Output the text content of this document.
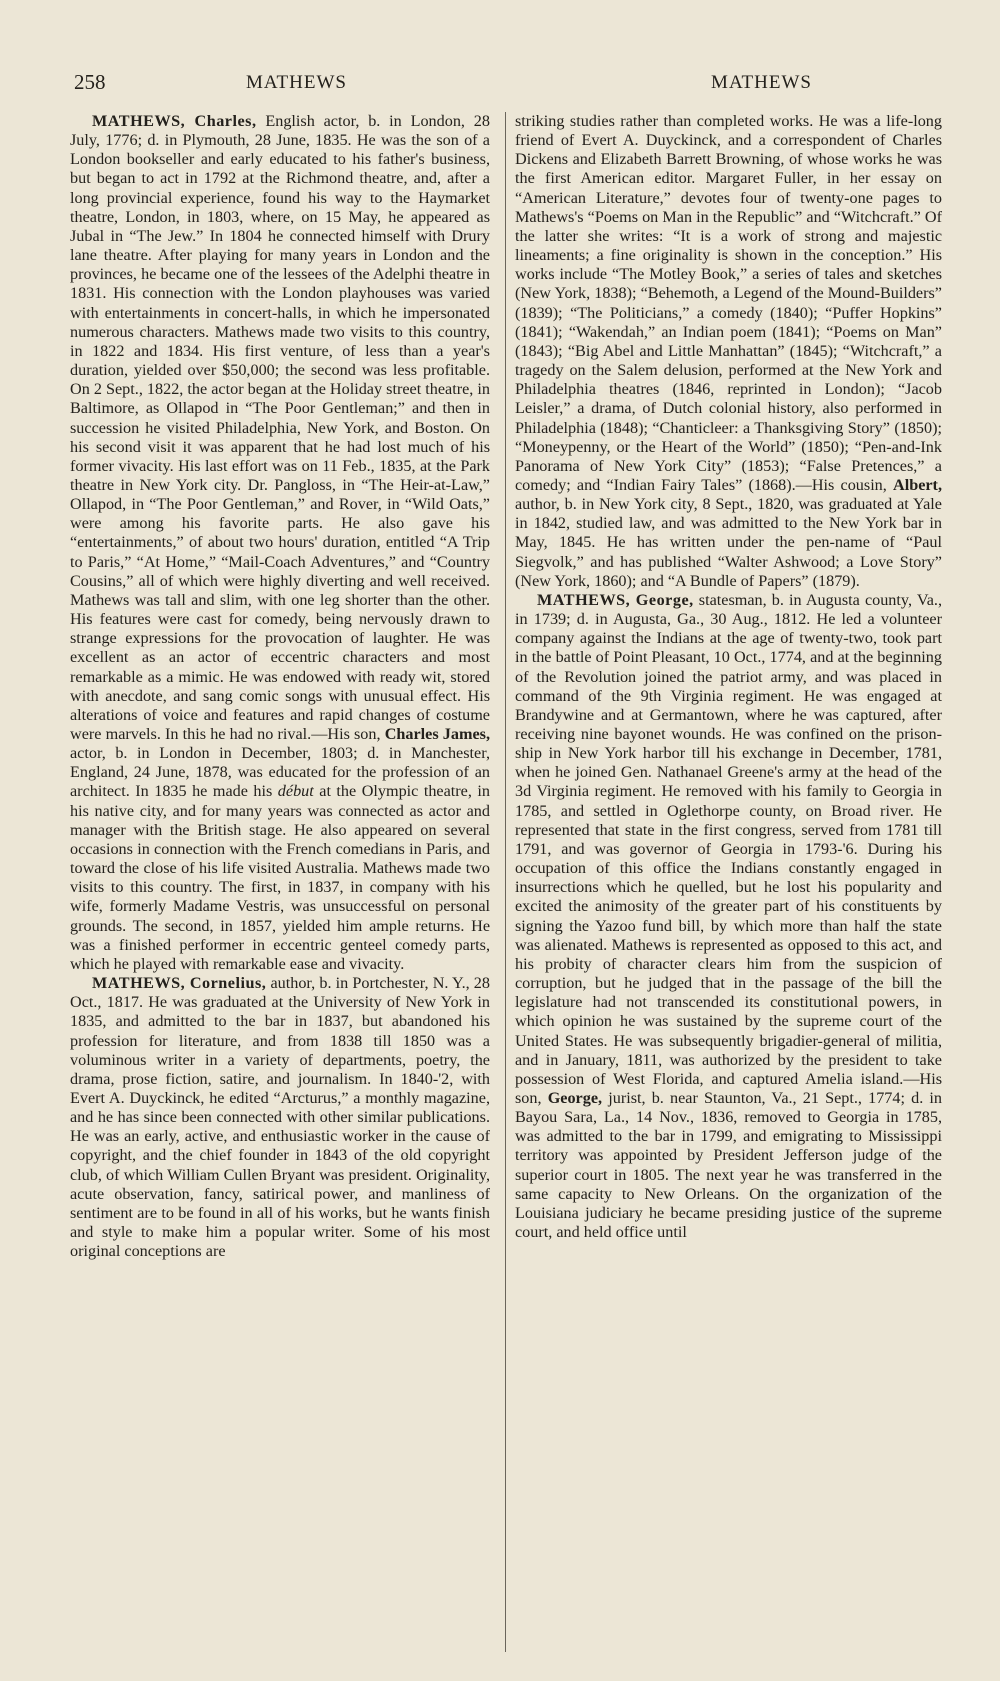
258	MATHEWS	MATHEWS

MATHEWS, Charles, English actor, b. in London, 28 July, 1776; d. in Plymouth, 28 June, 1835. He was the son of a London bookseller and early educated to his father's business, but began to act in 1792 at the Richmond theatre, and, after a long provincial experience, found his way to the Haymarket theatre, London, in 1803, where, on 15 May, he appeared as Jubal in “The Jew.” In 1804 he connected himself with Drury lane theatre. After playing for many years in London and the provinces, he became one of the lessees of the Adelphi theatre in 1831. His connection with the London playhouses was varied with entertainments in concert-halls, in which he impersonated numerous characters. Mathews made two visits to this country, in 1822 and 1834. His first venture, of less than a year's duration, yielded over $50,000; the second was less profitable. On 2 Sept., 1822, the actor began at the Holiday street theatre, in Baltimore, as Ollapod in “The Poor Gentleman;” and then in succession he visited Philadelphia, New York, and Boston. On his second visit it was apparent that he had lost much of his former vivacity. His last effort was on 11 Feb., 1835, at the Park theatre in New York city. Dr. Pangloss, in “The Heir-at-Law,” Ollapod, in “The Poor Gentleman,” and Rover, in “Wild Oats,” were among his favorite parts. He also gave his “entertainments,” of about two hours' duration, entitled “A Trip to Paris,” “At Home,” “Mail-Coach Adventures,” and “Country Cousins,” all of which were highly diverting and well received. Mathews was tall and slim, with one leg shorter than the other. His features were cast for comedy, being nervously drawn to strange expressions for the provocation of laughter. He was excellent as an actor of eccentric characters and most remarkable as a mimic. He was endowed with ready wit, stored with anecdote, and sang comic songs with unusual effect. His alterations of voice and features and rapid changes of costume were marvels. In this he had no rival.—His son, Charles James, actor, b. in London in December, 1803; d. in Manchester, England, 24 June, 1878, was educated for the profession of an architect. In 1835 he made his début at the Olympic theatre, in his native city, and for many years was connected as actor and manager with the British stage. He also appeared on several occasions in connection with the French comedians in Paris, and toward the close of his life visited Australia. Mathews made two visits to this country. The first, in 1837, in company with his wife, formerly Madame Vestris, was unsuccessful on personal grounds. The second, in 1857, yielded him ample returns. He was a finished performer in eccentric genteel comedy parts, which he played with remarkable ease and vivacity.

MATHEWS, Cornelius, author, b. in Portchester, N. Y., 28 Oct., 1817. He was graduated at the University of New York in 1835, and admitted to the bar in 1837, but abandoned his profession for literature, and from 1838 till 1850 was a voluminous writer in a variety of departments, poetry, the drama, prose fiction, satire, and journalism. In 1840-'2, with Evert A. Duyckinck, he edited “Arcturus,” a monthly magazine, and he has since been connected with other similar publications. He was an early, active, and enthusiastic worker in the cause of copyright, and the chief founder in 1843 of the old copyright club, of which William Cullen Bryant was president. Originality, acute observation, fancy, satirical power, and manliness of sentiment are to be found in all of his works, but he wants finish and style to make him a popular writer. Some of his most original conceptions are

striking studies rather than completed works. He was a life-long friend of Evert A. Duyckinck, and a correspondent of Charles Dickens and Elizabeth Barrett Browning, of whose works he was the first American editor. Margaret Fuller, in her essay on “American Literature,” devotes four of twenty-one pages to Mathews's “Poems on Man in the Republic” and “Witchcraft.” Of the latter she writes: “It is a work of strong and majestic lineaments; a fine originality is shown in the conception.” His works include “The Motley Book,” a series of tales and sketches (New York, 1838); “Behemoth, a Legend of the Mound-Builders” (1839); “The Politicians,” a comedy (1840); “Puffer Hopkins” (1841); “Wakendah,” an Indian poem (1841); “Poems on Man” (1843); “Big Abel and Little Manhattan” (1845); “Witchcraft,” a tragedy on the Salem delusion, performed at the New York and Philadelphia theatres (1846, reprinted in London); “Jacob Leisler,” a drama, of Dutch colonial history, also performed in Philadelphia (1848); “Chanticleer: a Thanksgiving Story” (1850); “Moneypenny, or the Heart of the World” (1850); “Pen-and-Ink Panorama of New York City” (1853); “False Pretences,” a comedy; and “Indian Fairy Tales” (1868).—His cousin, Albert, author, b. in New York city, 8 Sept., 1820, was graduated at Yale in 1842, studied law, and was admitted to the New York bar in May, 1845. He has written under the pen-name of “Paul Siegvolk,” and has published “Walter Ashwood; a Love Story” (New York, 1860); and “A Bundle of Papers” (1879).

MATHEWS, George, statesman, b. in Augusta county, Va., in 1739; d. in Augusta, Ga., 30 Aug., 1812. He led a volunteer company against the Indians at the age of twenty-two, took part in the battle of Point Pleasant, 10 Oct., 1774, and at the beginning of the Revolution joined the patriot army, and was placed in command of the 9th Virginia regiment. He was engaged at Brandywine and at Germantown, where he was captured, after receiving nine bayonet wounds. He was confined on the prison-ship in New York harbor till his exchange in December, 1781, when he joined Gen. Nathanael Greene's army at the head of the 3d Virginia regiment. He removed with his family to Georgia in 1785, and settled in Oglethorpe county, on Broad river. He represented that state in the first congress, served from 1781 till 1791, and was governor of Georgia in 1793-'6. During his occupation of this office the Indians constantly engaged in insurrections which he quelled, but he lost his popularity and excited the animosity of the greater part of his constituents by signing the Yazoo fund bill, by which more than half the state was alienated. Mathews is represented as opposed to this act, and his probity of character clears him from the suspicion of corruption, but he judged that in the passage of the bill the legislature had not transcended its constitutional powers, in which opinion he was sustained by the supreme court of the United States. He was subsequently brigadier-general of militia, and in January, 1811, was authorized by the president to take possession of West Florida, and captured Amelia island.—His son, George, jurist, b. near Staunton, Va., 21 Sept., 1774; d. in Bayou Sara, La., 14 Nov., 1836, removed to Georgia in 1785, was admitted to the bar in 1799, and emigrating to Mississippi territory was appointed by President Jefferson judge of the superior court in 1805. The next year he was transferred in the same capacity to New Orleans. On the organization of the Louisiana judiciary he became presiding justice of the supreme court, and held office until
